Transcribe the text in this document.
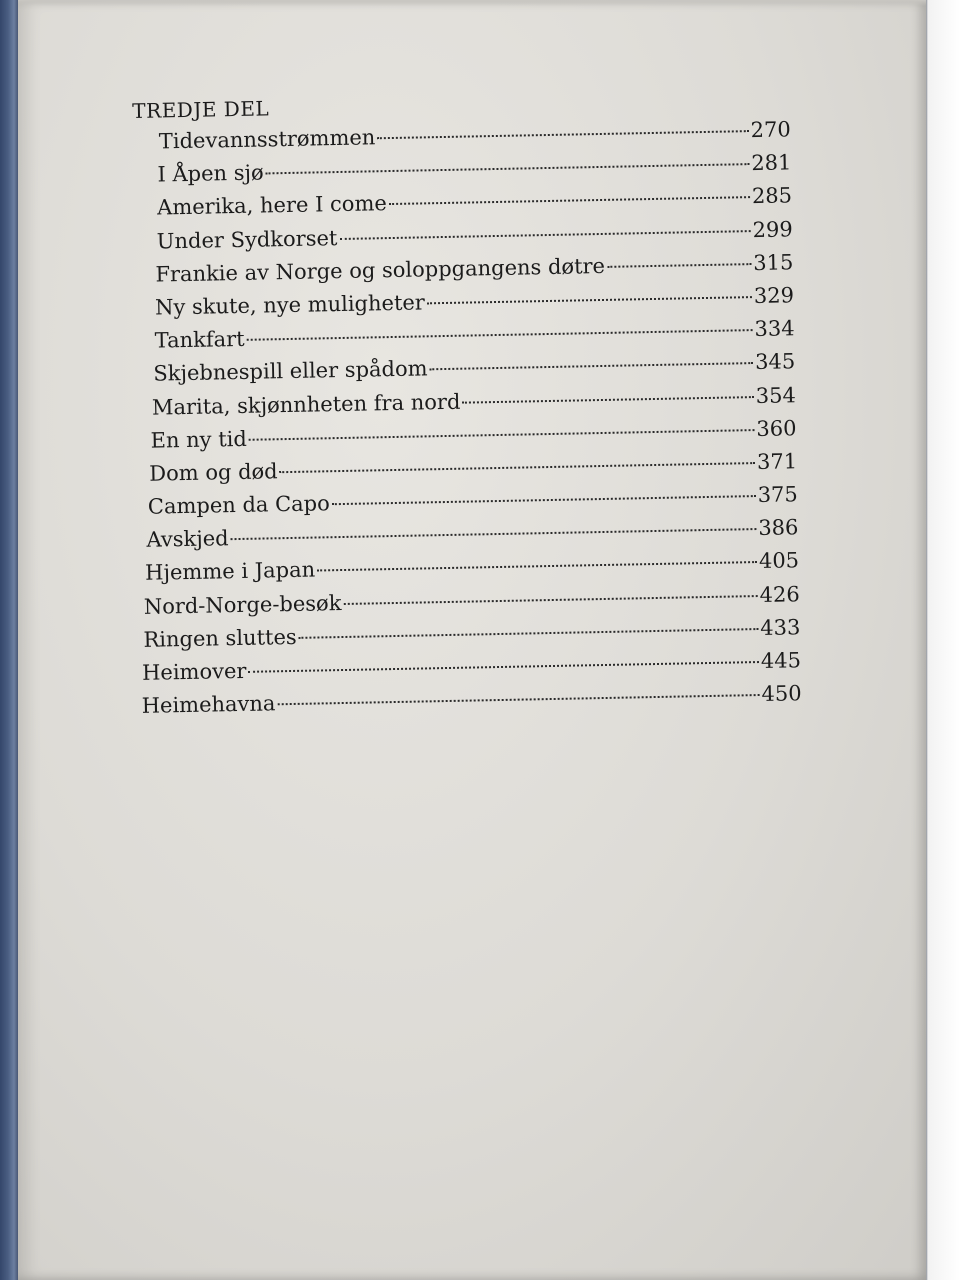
TREDJE DEL
Tidevannsstrømmen	270
I Åpen sjø	281
Amerika, here I come	285
Under Sydkorset	299
Frankie av Norge og soloppgangens døtre	315
Ny skute, nye muligheter	329
Tankfart	334
Skjebnespill eller spådom	345
Marita, skjønnheten fra nord	354
En ny tid	360
Dom og død	371
Campen da Capo	375
Avskjed	386
Hjemme i Japan	405
Nord-Norge-besøk	426
Ringen sluttes	433
Heimover	445
Heimehavna	450
